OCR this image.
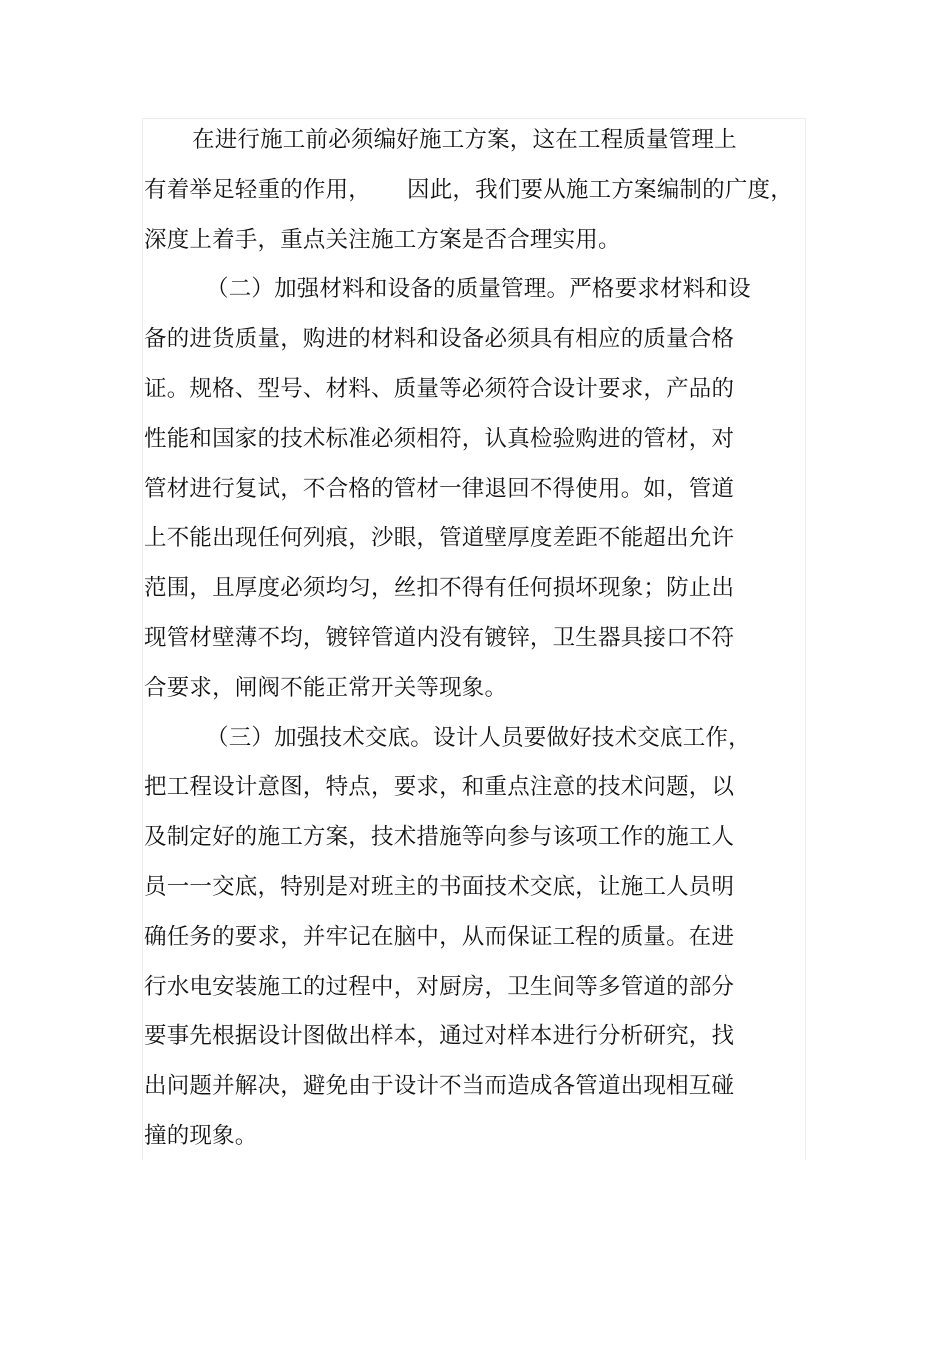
在进行施工前必须编好施工方案，这在工程质量管理上
有着举足轻重的作用， 因此，我们要从施工方案编制的广度，
深度上着手，重点关注施工方案是否合理实用。
（二）加强材料和设备的质量管理。严格要求材料和设
备的进货质量，购进的材料和设备必须具有相应的质量合格
证。规格、型号、材料、质量等必须符合设计要求，产品的
性能和国家的技术标准必须相符，认真检验购进的管材，对
管材进行复试，不合格的管材一律退回不得使用。如，管道
上不能出现任何列痕，沙眼，管道壁厚度差距不能超出允许
范围，且厚度必须均匀，丝扣不得有任何损坏现象；防止出
现管材壁薄不均，镀锌管道内没有镀锌，卫生器具接口不符
合要求，闸阀不能正常开关等现象。
（三）加强技术交底。设计人员要做好技术交底工作，
把工程设计意图，特点，要求，和重点注意的技术问题，以
及制定好的施工方案，技术措施等向参与该项工作的施工人
员一一交底，特别是对班主的书面技术交底，让施工人员明
确任务的要求，并牢记在脑中，从而保证工程的质量。在进
行水电安装施工的过程中，对厨房，卫生间等多管道的部分
要事先根据设计图做出样本，通过对样本进行分析研究，找
出问题并解决，避免由于设计不当而造成各管道出现相互碰
撞的现象。
